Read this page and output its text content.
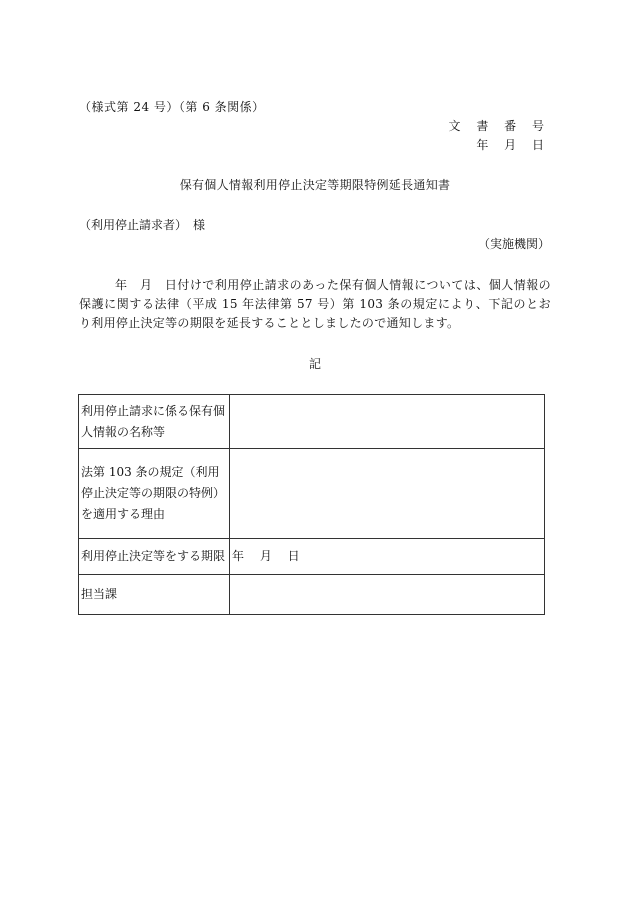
（様式第 24 号）（第 6 条関係）
文 書 番 号
年 月 日
保有個人情報利用停止決定等期限特例延長通知書
（利用停止請求者）　様
（実施機関）
年　月　日付けで利用停止請求のあった保有個人情報については、個人情報の保護に関する法律（平成 15 年法律第 57 号）第 103 条の規定により、下記のとおり利用停止決定等の期限を延長することとしましたので通知します。
記
利用停止請求に係る保有個人情報の名称等	
法第 103 条の規定（利用停止決定等の期限の特例）を適用する理由	
利用停止決定等をする期限	年 月 日
担当課	
